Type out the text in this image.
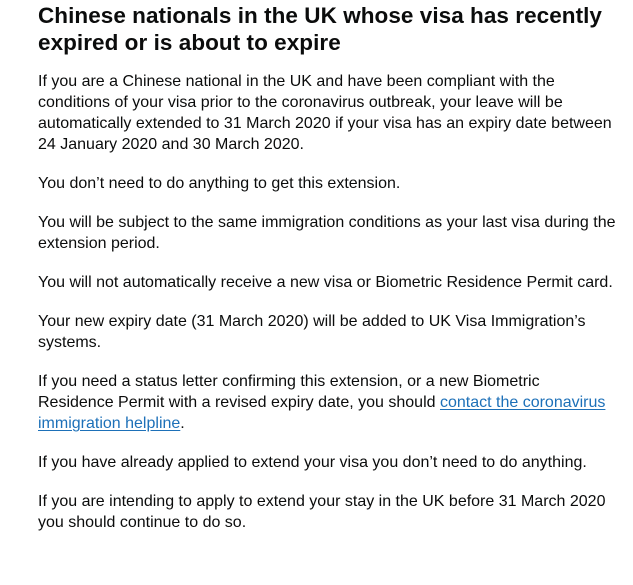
Chinese nationals in the UK whose visa has recently expired or is about to expire

If you are a Chinese national in the UK and have been compliant with the conditions of your visa prior to the coronavirus outbreak, your leave will be automatically extended to 31 March 2020 if your visa has an expiry date between 24 January 2020 and 30 March 2020.

You don’t need to do anything to get this extension.

You will be subject to the same immigration conditions as your last visa during the extension period.

You will not automatically receive a new visa or Biometric Residence Permit card.

Your new expiry date (31 March 2020) will be added to UK Visa Immigration’s systems.

If you need a status letter confirming this extension, or a new Biometric Residence Permit with a revised expiry date, you should contact the coronavirus immigration helpline.

If you have already applied to extend your visa you don’t need to do anything.

If you are intending to apply to extend your stay in the UK before 31 March 2020 you should continue to do so.
